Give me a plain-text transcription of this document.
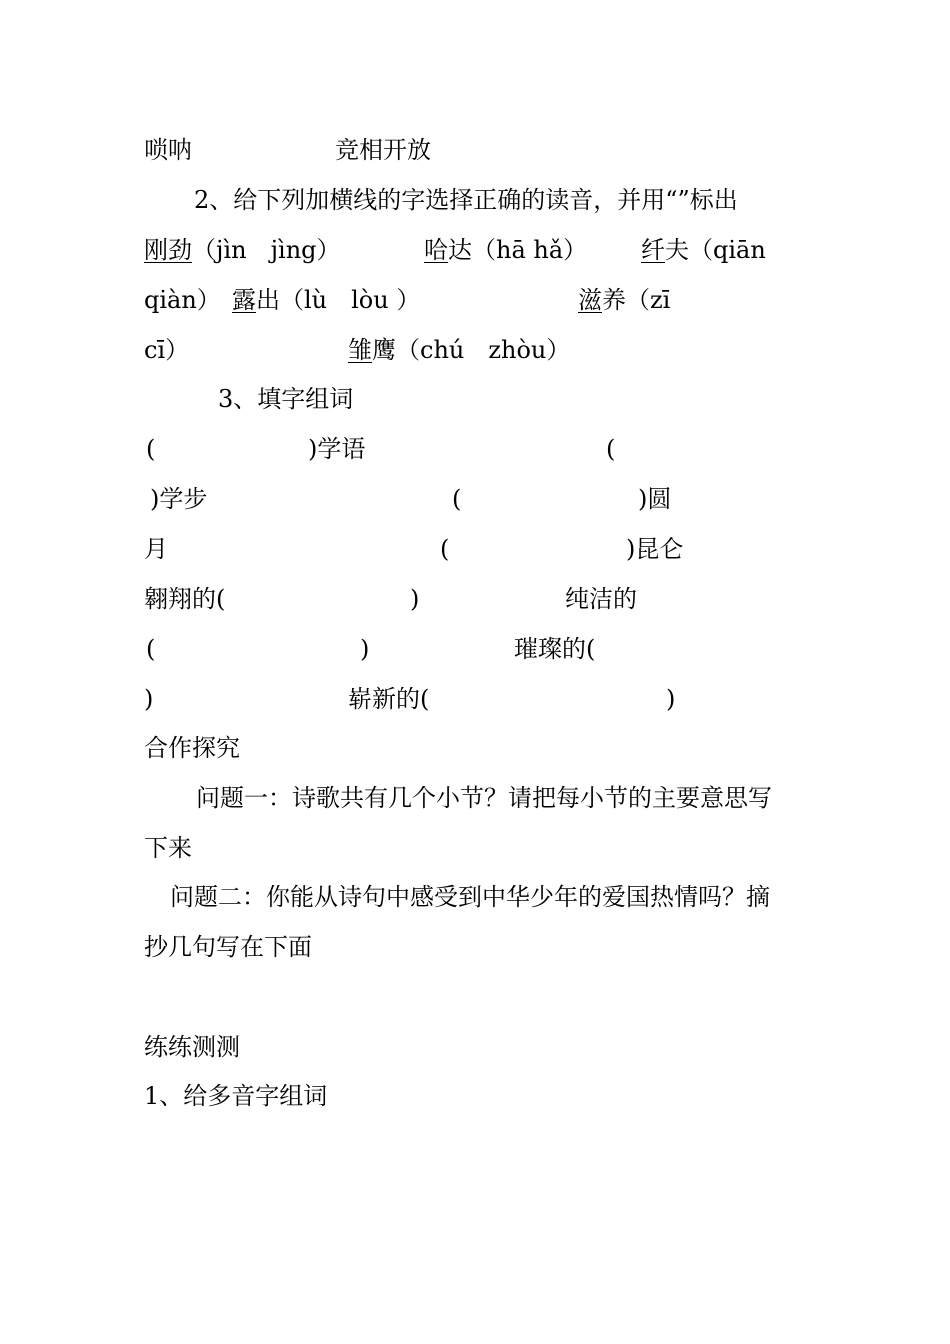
唢呐	竞相开放
2、给下列加横线的字选择正确的读音，并用“”标出
刚劲（jìn　jìng）	哈达（hā hǎ） 纤夫（qiān
qiàn） 露出（lù　lòu ）	滋养（zī
cī）	雏鹰（chú　zhòu）
3、填字组词
(	)学语	(
)学步	(	)圆
月	(	)昆仑
翱翔的(	)	纯洁的
(	)	璀璨的(
)	崭新的(	)
合作探究
问题一：诗歌共有几个小节？请把每小节的主要意思写
下来
问题二：你能从诗句中感受到中华少年的爱国热情吗？摘
抄几句写在下面
练练测测
1、给多音字组词
